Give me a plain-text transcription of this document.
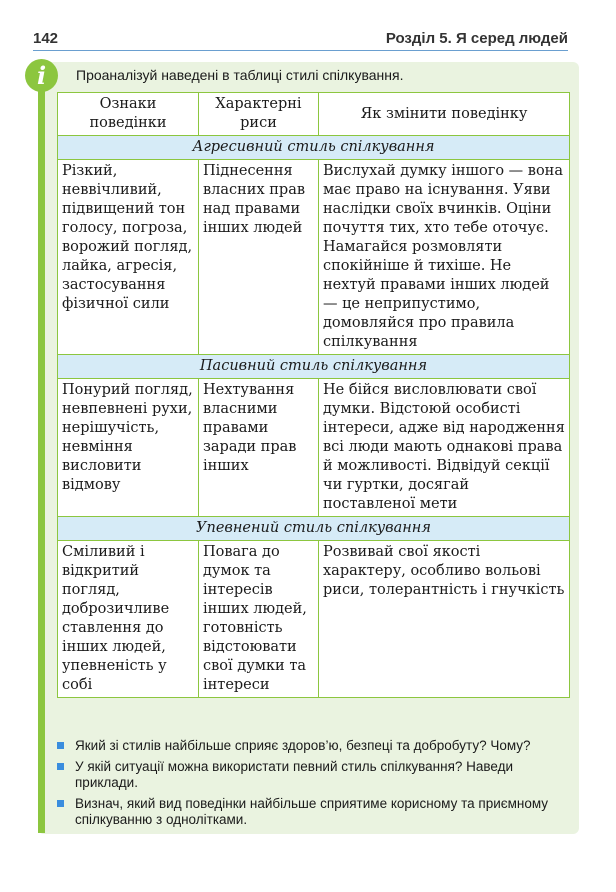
142	Розділ 5. Я серед людей
i	Проаналізуй наведені в таблиці стилі спілкування.
Ознаки поведінки	Характерні риси	Як змінити поведінку
Агресивний стиль спілкування		
Різкий, неввічливий, підвищений тон голосу, погроза, ворожий погляд, лайка, агресія, застосування фізичної сили	Піднесення власних прав над правами інших людей	Вислухай думку іншого — вона має право на існування. Уяви наслідки своїх вчинків. Оціни почуття тих, хто тебе оточує. Намагайся розмовляти спокійніше й тихіше. Не нехтуй правами інших людей — це неприпустимо, домовляйся про правила спілкування
Пасивний стиль спілкування		
Понурий погляд, невпевнені рухи, нерішучість, невміння висловити відмову	Нехтування власними правами заради прав інших	Не бійся висловлювати свої думки. Відстоюй особисті інтереси, адже від народження всі люди мають однакові права й можливості. Відвідуй секції чи гуртки, досягай поставленої мети
Упевнений стиль спілкування		
Сміливий і відкритий погляд, доброзичливе ставлення до інших людей, упевненість у собі	Повага до думок та інтересів інших людей, готовність відстоювати свої думки та інтереси	Розвивай свої якості характеру, особливо вольові риси, толерантність і гнучкість
Який зі стилів найбільше сприяє здоров’ю, безпеці та добробуту? Чому?
У якій ситуації можна використати певний стиль спілкування? Наведи приклади.
Визнач, який вид поведінки найбільше сприятиме корисному та приємному спілкуванню з однолітками.
